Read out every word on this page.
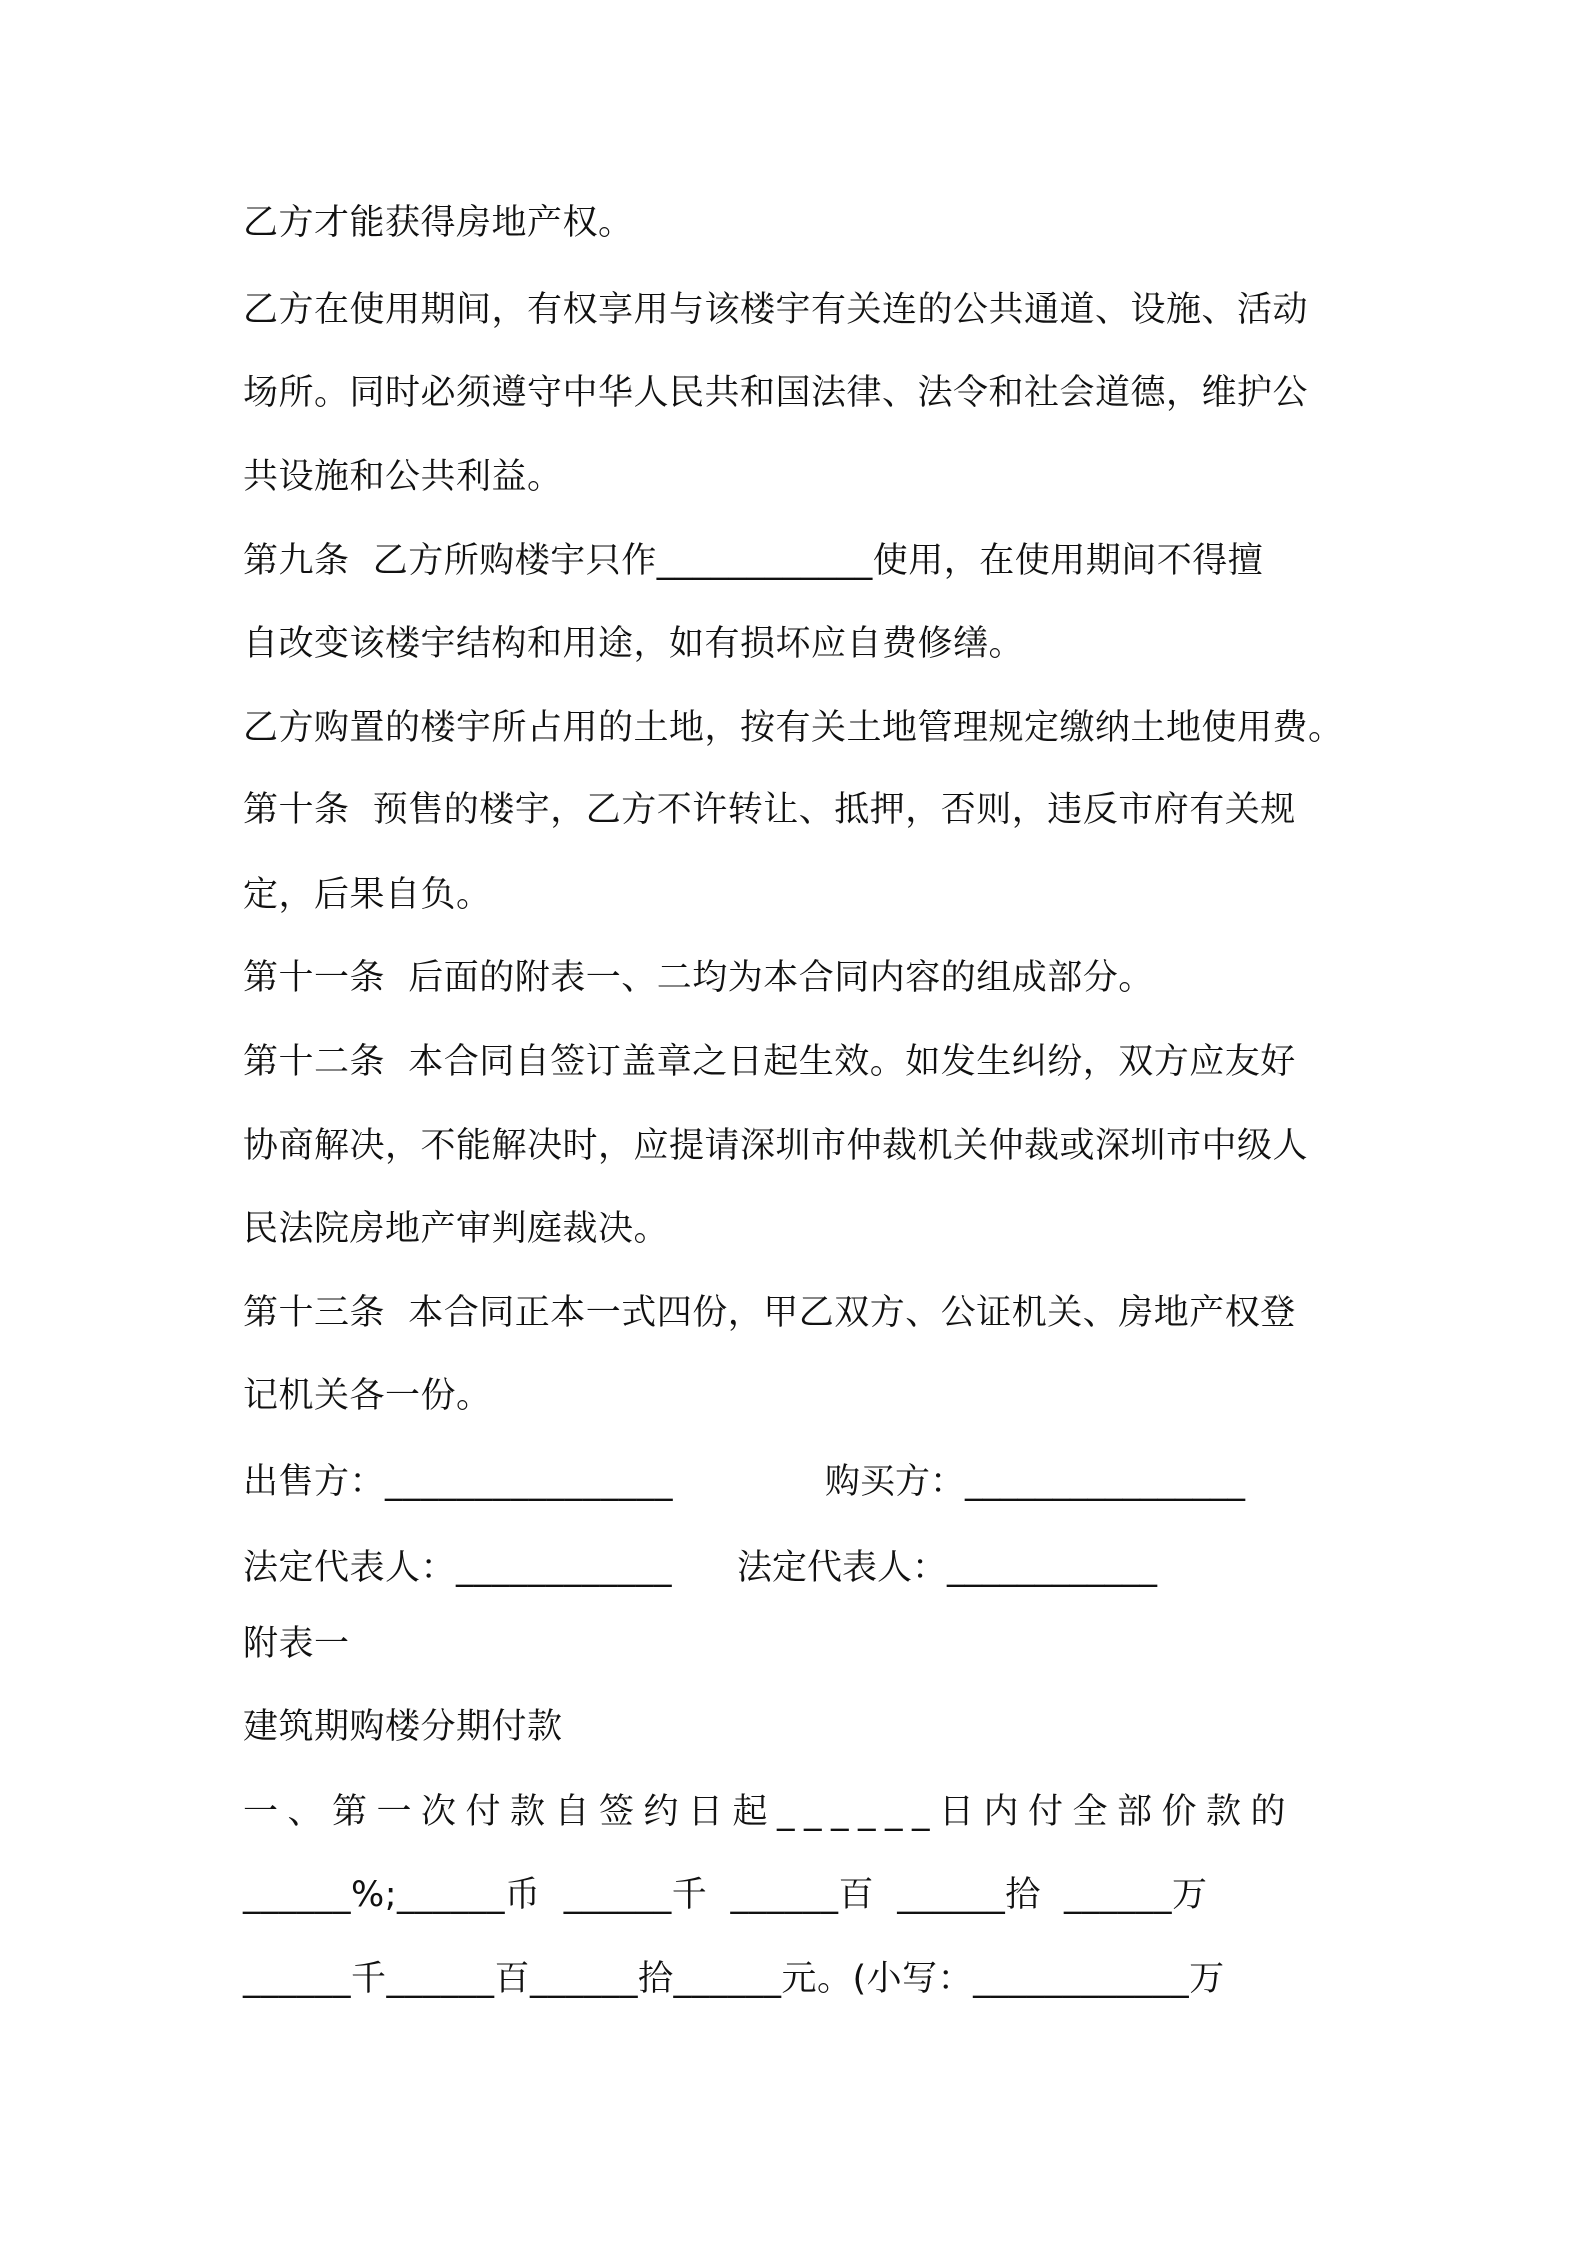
乙方才能获得房地产权。
乙方在使用期间，有权享用与该楼宇有关连的公共通道、设施、活动
场所。同时必须遵守中华人民共和国法律、法令和社会道德，维护公
共设施和公共利益。
第九条  乙方所购楼宇只作____________使用，在使用期间不得擅
自改变该楼宇结构和用途，如有损坏应自费修缮。
乙方购置的楼宇所占用的土地，按有关土地管理规定缴纳土地使用费。
第十条  预售的楼宇，乙方不许转让、抵押，否则，违反市府有关规
定，后果自负。
第十一条  后面的附表一、二均为本合同内容的组成部分。
第十二条  本合同自签订盖章之日起生效。如发生纠纷，双方应友好
协商解决，不能解决时，应提请深圳市仲裁机关仲裁或深圳市中级人
民法院房地产审判庭裁决。
第十三条  本合同正本一式四份，甲乙双方、公证机关、房地产权登
记机关各一份。
出售方：________________	购买方：________________
法定代表人：____________ 法定代表人：____________
附表一
建筑期购楼分期付款
一、第一次付款自签约日起______日内付全部价款的
______%;______币  ______千  ______百  ______拾  ______万
______千______百______拾______元。(小写：____________万
